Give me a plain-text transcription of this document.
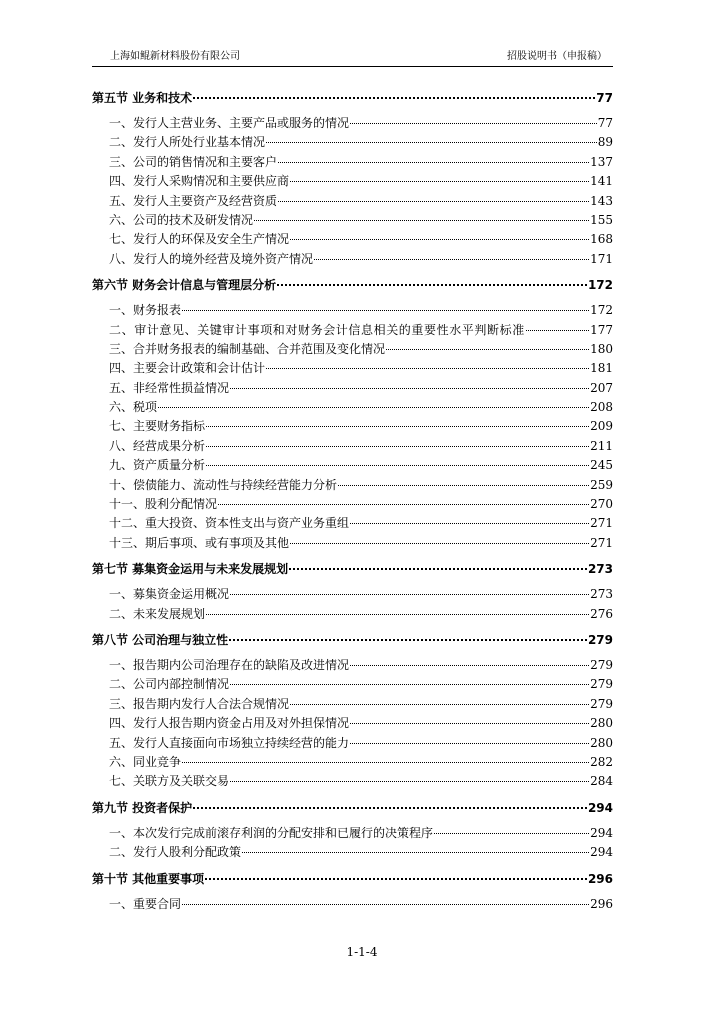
上海如鲲新材料股份有限公司	招股说明书（申报稿）
第五节 业务和技术	77
一、发行人主营业务、主要产品或服务的情况	77
二、发行人所处行业基本情况	89
三、公司的销售情况和主要客户	137
四、发行人采购情况和主要供应商	141
五、发行人主要资产及经营资质	143
六、公司的技术及研发情况	155
七、发行人的环保及安全生产情况	168
八、发行人的境外经营及境外资产情况	171
第六节 财务会计信息与管理层分析	172
一、财务报表	172
二、审计意见、关键审计事项和对财务会计信息相关的重要性水平判断标准	177
三、合并财务报表的编制基础、合并范围及变化情况	180
四、主要会计政策和会计估计	181
五、非经常性损益情况	207
六、税项	208
七、主要财务指标	209
八、经营成果分析	211
九、资产质量分析	245
十、偿债能力、流动性与持续经营能力分析	259
十一、股利分配情况	270
十二、重大投资、资本性支出与资产业务重组	271
十三、期后事项、或有事项及其他	271
第七节 募集资金运用与未来发展规划	273
一、募集资金运用概况	273
二、未来发展规划	276
第八节 公司治理与独立性	279
一、报告期内公司治理存在的缺陷及改进情况	279
二、公司内部控制情况	279
三、报告期内发行人合法合规情况	279
四、发行人报告期内资金占用及对外担保情况	280
五、发行人直接面向市场独立持续经营的能力	280
六、同业竞争	282
七、关联方及关联交易	284
第九节 投资者保护	294
一、本次发行完成前滚存利润的分配安排和已履行的决策程序	294
二、发行人股利分配政策	294
第十节 其他重要事项	296
一、重要合同	296
1-1-4
